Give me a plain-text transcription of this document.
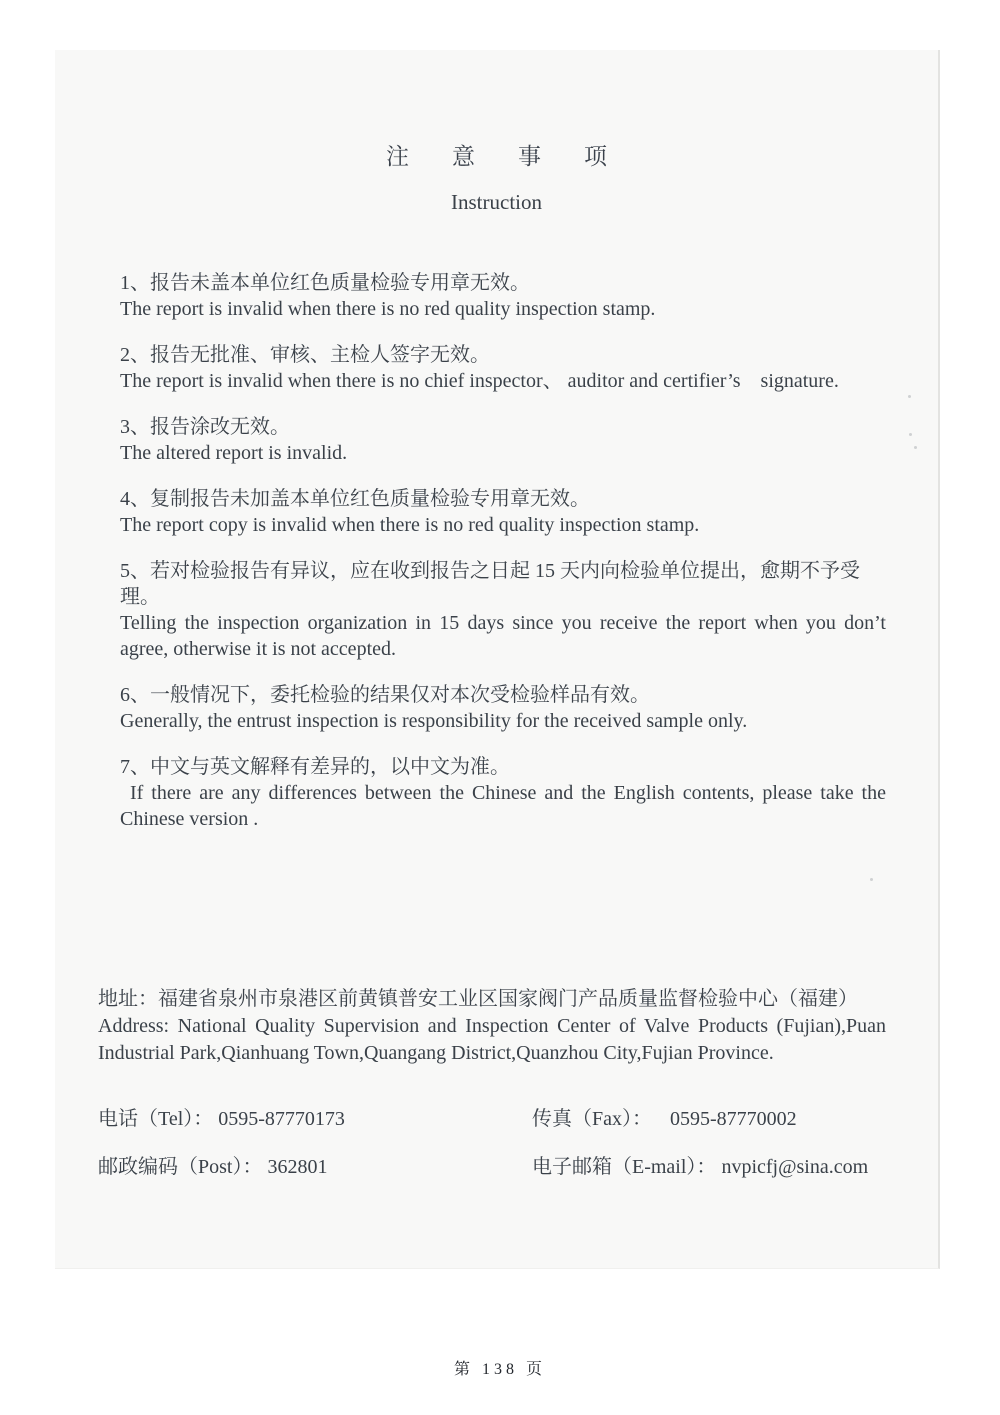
注意事项
Instruction

1、报告未盖本单位红色质量检验专用章无效。

The report is invalid when there is no red quality inspection stamp.

2、报告无批准、审核、主检人签字无效。

The report is invalid when there is no chief inspector、 auditor and certifier’s    signature.

3、报告涂改无效。

The altered report is invalid.

4、复制报告未加盖本单位红色质量检验专用章无效。

The report copy is invalid when there is no red quality inspection stamp.

5、若对检验报告有异议，应在收到报告之日起 15 天内向检验单位提出，愈期不予受理。

Telling the inspection organization in 15 days since you receive the report when you don’t agree, otherwise it is not accepted.

6、一般情况下，委托检验的结果仅对本次受检验样品有效。

Generally, the entrust inspection is responsibility for the received sample only.

7、中文与英文解释有差异的，以中文为准。

If there are any differences between the Chinese and the English contents, please take the Chinese version .

地址：福建省泉州市泉港区前黄镇普安工业区国家阀门产品质量监督检验中心（福建）

Address: National Quality Supervision and Inspection Center of Valve Products (Fujian),Puan Industrial Park,Qianhuang Town,Quangang District,Quanzhou City,Fujian Province.

电话（Tel）： 0595-87770173	传真（Fax）： 0595-87770002
邮政编码（Post）： 362801	电子邮箱（E-mail）： nvpicfj@sina.com
第 138 页
